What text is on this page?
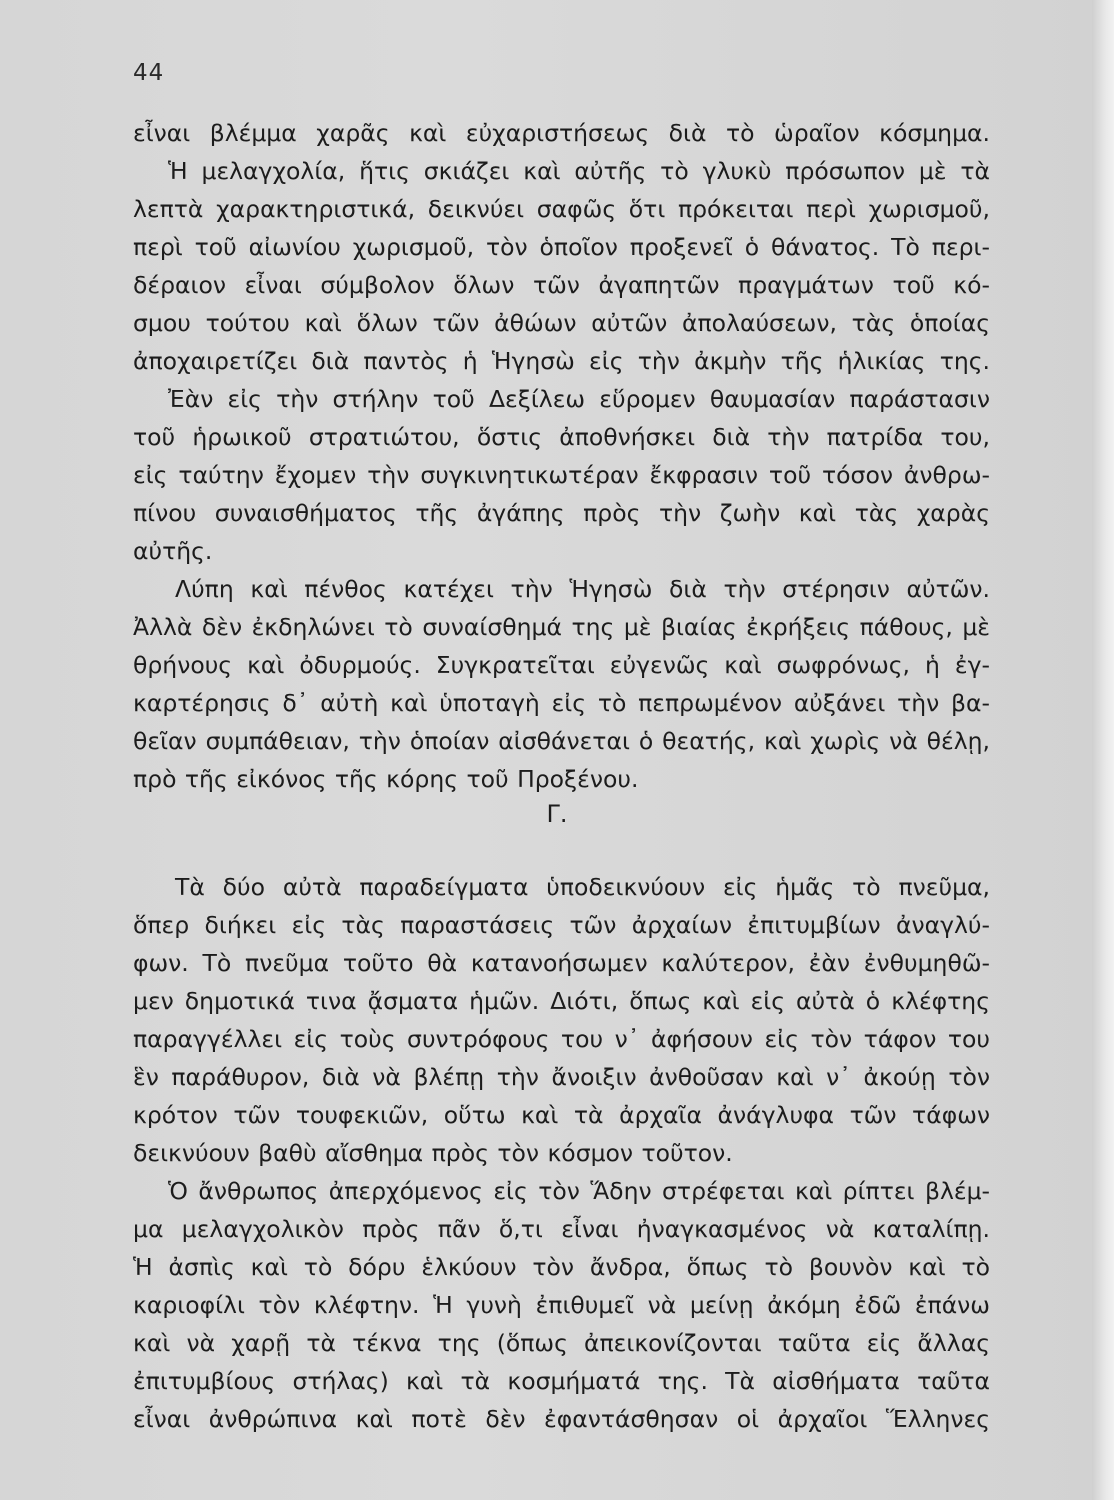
44
εἶναι βλέμμα χαρᾶς καὶ εὐχαριστήσεως διὰ τὸ ὡραῖον κόσμημα.
Ἡ μελαγχολία, ἥτις σκιάζει καὶ αὐτῆς τὸ γλυκὺ πρόσωπον μὲ τὰ
λεπτὰ χαρακτηριστικά, δεικνύει σαφῶς ὅτι πρόκειται περὶ χωρισμοῦ,
περὶ τοῦ αἰωνίου χωρισμοῦ, τὸν ὁποῖον προξενεῖ ὁ θάνατος. Τὸ περι-
δέραιον εἶναι σύμβολον ὅλων τῶν ἀγαπητῶν πραγμάτων τοῦ κό-
σμου τούτου καὶ ὅλων τῶν ἀθώων αὐτῶν ἀπολαύσεων, τὰς ὁποίας
ἀποχαιρετίζει διὰ παντὸς ἡ Ἡγησὼ εἰς τὴν ἀκμὴν τῆς ἡλικίας της.
Ἐὰν εἰς τὴν στήλην τοῦ Δεξίλεω εὕρομεν θαυμασίαν παράστασιν
τοῦ ἡρωικοῦ στρατιώτου, ὅστις ἀποθνήσκει διὰ τὴν πατρίδα του,
εἰς ταύτην ἔχομεν τὴν συγκινητικωτέραν ἔκφρασιν τοῦ τόσον ἀνθρω-
πίνου συναισθήματος τῆς ἀγάπης πρὸς τὴν ζωὴν καὶ τὰς χαρὰς
αὐτῆς.
Λύπη καὶ πένθος κατέχει τὴν Ἡγησὼ διὰ τὴν στέρησιν αὐτῶν.
Ἀλλὰ δὲν ἐκδηλώνει τὸ συναίσθημά της μὲ βιαίας ἐκρήξεις πάθους, μὲ
θρήνους καὶ ὀδυρμούς. Συγκρατεῖται εὐγενῶς καὶ σωφρόνως, ἡ ἐγ-
καρτέρησις δ᾽ αὐτὴ καὶ ὑποταγὴ εἰς τὸ πεπρωμένον αὐξάνει τὴν βα-
θεῖαν συμπάθειαν, τὴν ὁποίαν αἰσθάνεται ὁ θεατής, καὶ χωρὶς νὰ θέλῃ,
πρὸ τῆς εἰκόνος τῆς κόρης τοῦ Προξένου.
Γ.
Τὰ δύο αὐτὰ παραδείγματα ὑποδεικνύουν εἰς ἡμᾶς τὸ πνεῦμα,
ὅπερ διήκει εἰς τὰς παραστάσεις τῶν ἀρχαίων ἐπιτυμβίων ἀναγλύ-
φων. Τὸ πνεῦμα τοῦτο θὰ κατανοήσωμεν καλύτερον, ἐὰν ἐνθυμηθῶ-
μεν δημοτικά τινα ᾄσματα ἡμῶν. Διότι, ὅπως καὶ εἰς αὐτὰ ὁ κλέφτης
παραγγέλλει εἰς τοὺς συντρόφους του ν᾽ ἀφήσουν εἰς τὸν τάφον του
ἓν παράθυρον, διὰ νὰ βλέπῃ τὴν ἄνοιξιν ἀνθοῦσαν καὶ ν᾽ ἀκούῃ τὸν
κρότον τῶν τουφεκιῶν, οὕτω καὶ τὰ ἀρχαῖα ἀνάγλυφα τῶν τάφων
δεικνύουν βαθὺ αἴσθημα πρὸς τὸν κόσμον τοῦτον.
Ὁ ἄνθρωπος ἀπερχόμενος εἰς τὸν Ἅδην στρέφεται καὶ ρίπτει βλέμ-
μα μελαγχολικὸν πρὸς πᾶν ὅ,τι εἶναι ἠναγκασμένος νὰ καταλίπῃ.
Ἡ ἀσπὶς καὶ τὸ δόρυ ἑλκύουν τὸν ἄνδρα, ὅπως τὸ βουνὸν καὶ τὸ
καριοφίλι τὸν κλέφτην. Ἡ γυνὴ ἐπιθυμεῖ νὰ μείνῃ ἀκόμη ἐδῶ ἐπάνω
καὶ νὰ χαρῇ τὰ τέκνα της (ὅπως ἀπεικονίζονται ταῦτα εἰς ἄλλας
ἐπιτυμβίους στήλας) καὶ τὰ κοσμήματά της. Τὰ αἰσθήματα ταῦτα
εἶναι ἀνθρώπινα καὶ ποτὲ δὲν ἐφαντάσθησαν οἱ ἀρχαῖοι Ἕλληνες
